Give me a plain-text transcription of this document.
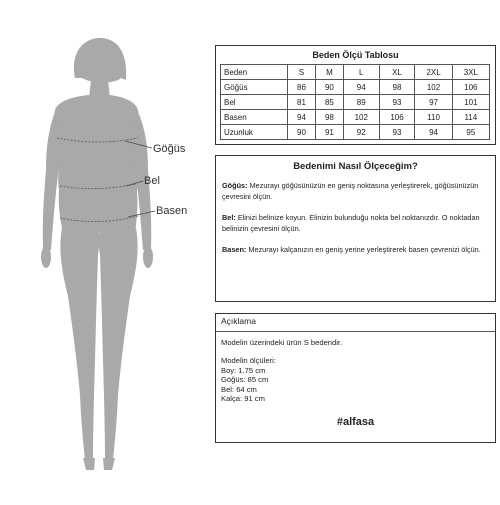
Göğüs
Bel
Basen
Beden Ölçü Tablosu
Beden	S	M	L	XL	2XL	3XL
Göğüs	86	90	94	98	102	106
Bel	81	85	89	93	97	101
Basen	94	98	102	106	110	114
Uzunluk	90	91	92	93	94	95
Bedenimi Nasıl Ölçeceğim?

Göğüs: Mezurayı göğüsünüzün en geniş noktasına yerleştirerek, göğüsünüzün çevresini ölçün.

Bel: Elinizi belinize koyun. Elinizin bulunduğu nokta bel noktanızdır. O noktadan belinizin çevresini ölçün.

Basen: Mezurayı kalçanızın en geniş yerine yerleştirerek basen çevrenizi ölçün.

Açıklama
Modelin üzerindeki ürün S bedendir.
Modelin ölçüleri:
Boy: 1.75 cm
Göğüs: 85 cm
Bel: 64 cm
Kalça: 91 cm
#alfasa
